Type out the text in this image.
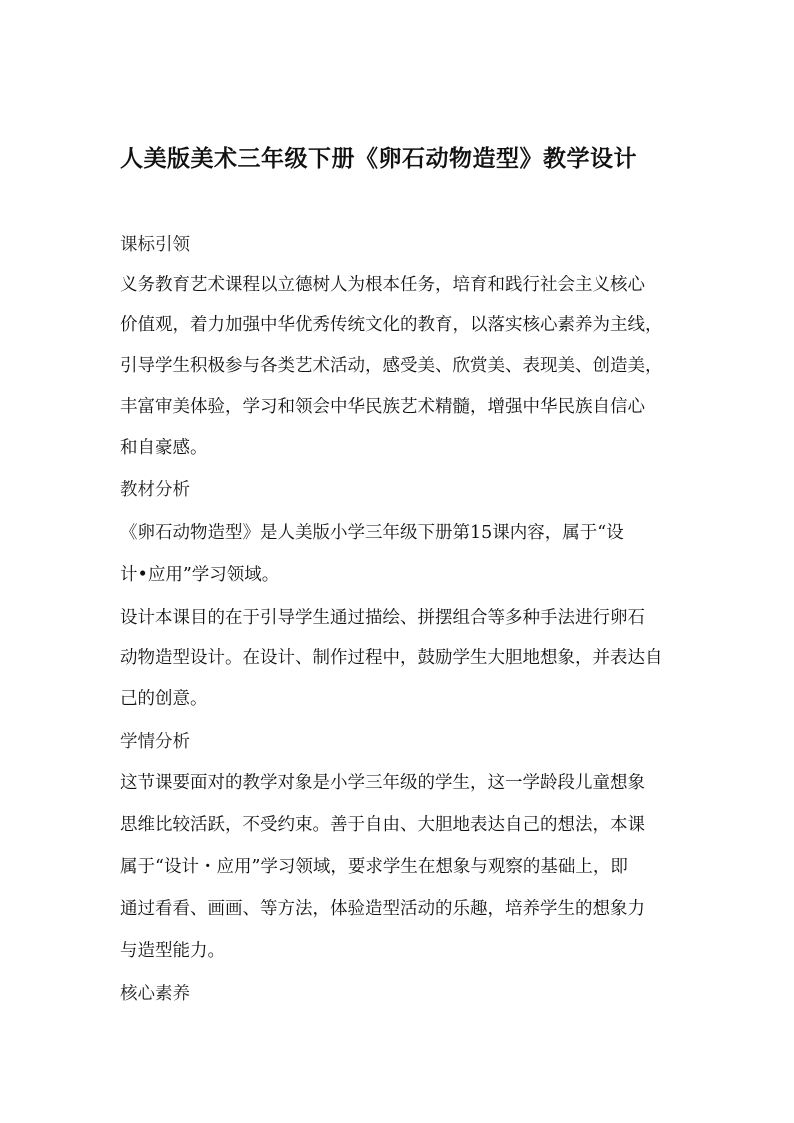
人美版美术三年级下册《卵石动物造型》教学设计
课标引领
义务教育艺术课程以立德树人为根本任务，培育和践行社会主义核心
价值观，着力加强中华优秀传统文化的教育，以落实核心素养为主线，
引导学生积极参与各类艺术活动，感受美、欣赏美、表现美、创造美，
丰富审美体验，学习和领会中华民族艺术精髓，增强中华民族自信心
和自豪感。
教材分析
《卵石动物造型》是人美版小学三年级下册第15课内容，属于“设
计•应用”学习领域。
设计本课目的在于引导学生通过描绘、拼摆组合等多种手法进行卵石
动物造型设计。在设计、制作过程中，鼓励学生大胆地想象，并表达自
己的创意。
学情分析
这节课要面对的教学对象是小学三年级的学生，这一学龄段儿童想象
思维比较活跃，不受约束。善于自由、大胆地表达自己的想法，本课
属于“设计・应用”学习领域，要求学生在想象与观察的基础上，即
通过看看、画画、等方法，体验造型活动的乐趣，培养学生的想象力
与造型能力。
核心素养
